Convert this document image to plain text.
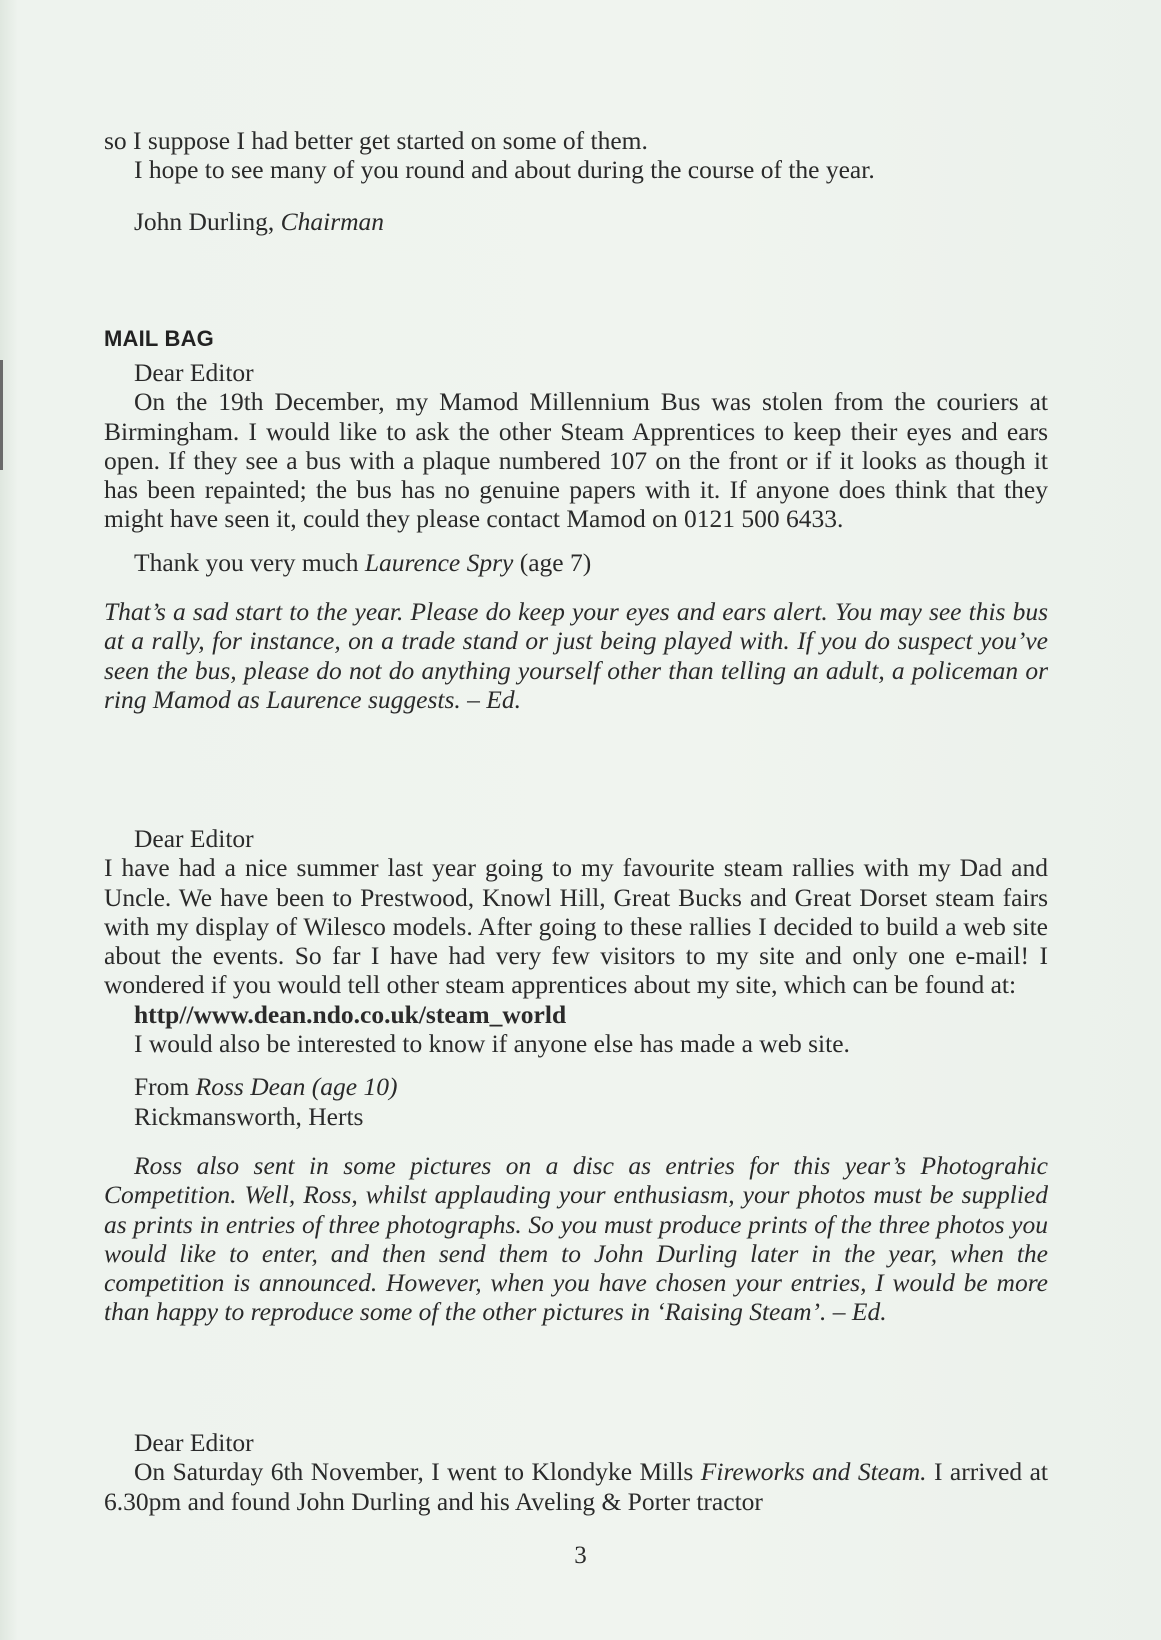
so I suppose I had better get started on some of them.

I hope to see many of you round and about during the course of the year.

John Durling, Chairman

MAIL BAG

Dear Editor

On the 19th December, my Mamod Millennium Bus was stolen from the couriers at Birmingham. I would like to ask the other Steam Apprentices to keep their eyes and ears open. If they see a bus with a plaque numbered 107 on the front or if it looks as though it has been repainted; the bus has no genuine papers with it. If anyone does think that they might have seen it, could they please contact Mamod on 0121 500 6433.

Thank you very much Laurence Spry (age 7)

That’s a sad start to the year. Please do keep your eyes and ears alert. You may see this bus at a rally, for instance, on a trade stand or just being played with. If you do suspect you’ve seen the bus, please do not do anything yourself other than telling an adult, a policeman or ring Mamod as Laurence suggests. – Ed.

Dear Editor

I have had a nice summer last year going to my favourite steam rallies with my Dad and Uncle. We have been to Prestwood, Knowl Hill, Great Bucks and Great Dorset steam fairs with my display of Wilesco models. After going to these rallies I decided to build a web site about the events. So far I have had very few visitors to my site and only one e-mail! I wondered if you would tell other steam apprentices about my site, which can be found at:

http//www.dean.ndo.co.uk/steam_world

I would also be interested to know if anyone else has made a web site.

From Ross Dean (age 10)

Rickmansworth, Herts

Ross also sent in some pictures on a disc as entries for this year’s Photograhic Competition. Well, Ross, whilst applauding your enthusiasm, your photos must be supplied as prints in entries of three photographs. So you must produce prints of the three photos you would like to enter, and then send them to John Durling later in the year, when the competition is announced. However, when you have chosen your entries, I would be more than happy to reproduce some of the other pictures in ‘Raising Steam’. – Ed.

Dear Editor

On Saturday 6th November, I went to Klondyke Mills Fireworks and Steam. I arrived at 6.30pm and found John Durling and his Aveling & Porter tractor

3
